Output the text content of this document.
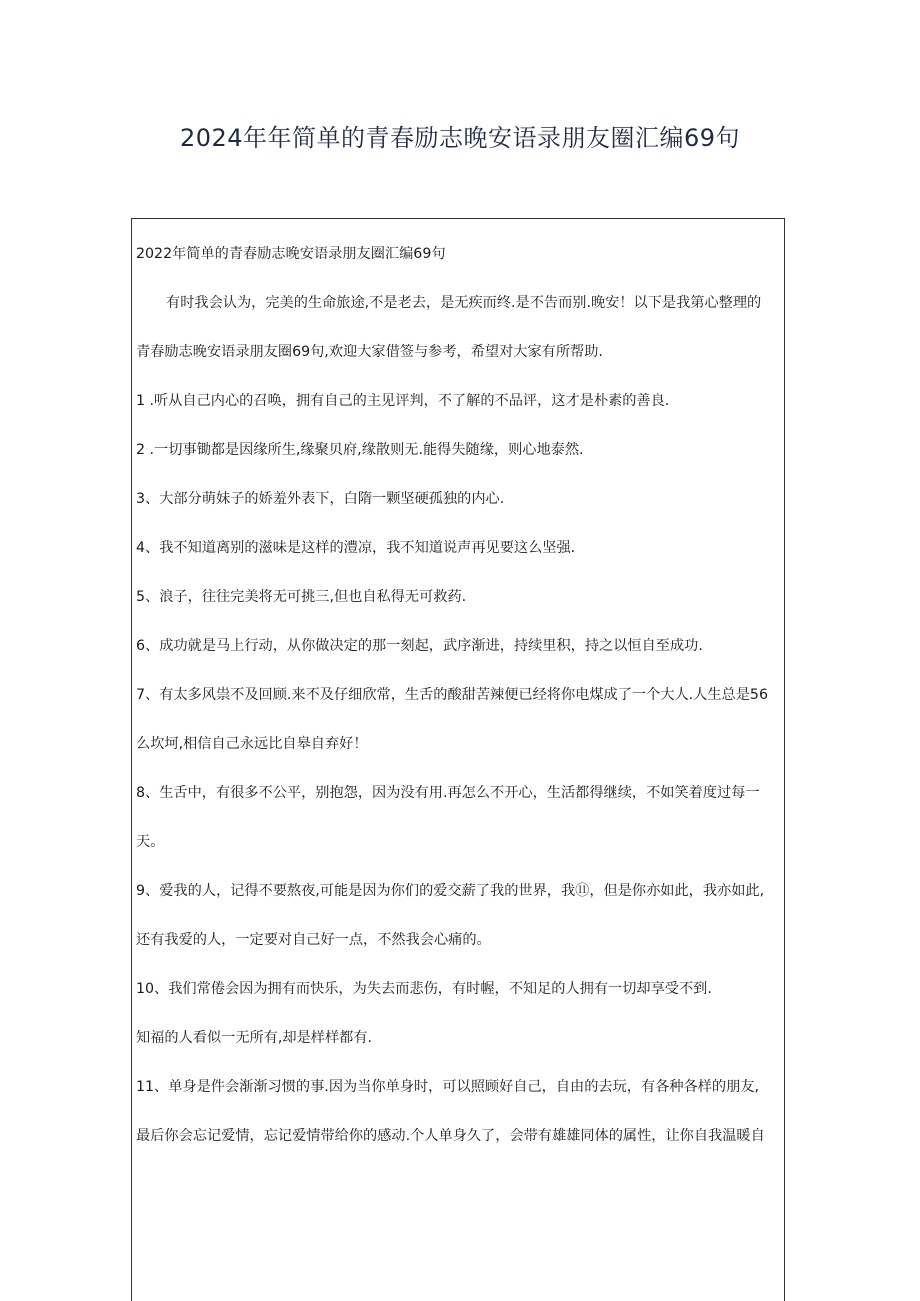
2024年年简单的青春励志晚安语录朋友圈汇编69句
2022年简单的青春励志晚安语录朋友圈汇编69句
有时我会认为，完美的生命旅途,不是老去，是无疾而终.是不告而别.晚安！以下是我第心整理的
青春励志晚安语录朋友圈69句,欢迎大家借签与参考，希望对大家有所帮助.
1 .听从自己内心的召唤，拥有自己的主见评判，不了解的不品评，这才是朴素的善良.
2 .一切事锄都是因缘所生,缘聚贝府,缘散则无.能得失随缘，则心地泰然.
3、大部分萌妹子的娇羞外表下，白隋一颗坚硬孤独的内心.
4、我不知道离别的滋味是这样的澧凉，我不知道说声再见要这么坚强.
5、浪子，往往完美将无可挑三,但也自私得无可救药.
6、成功就是马上行动，从你做决定的那一刻起，武序渐进，持续里积，持之以恒自至成功.
7、有太多风祟不及回顾.来不及仔细欣常，生舌的酸甜苦辣便已经将你电煤成了一个大人.人生总是56
么坎坷,相信自己永远比自皋自弃好！
8、生舌中，有很多不公平，别抱怨，因为没有用.再怎么不开心，生活都得继续，不如笑着度过每一
天。
9、爱我的人，记得不要熬夜,可能是因为你们的爱交薪了我的世界，我⑪，但是你亦如此，我亦如此,
还有我爱的人，一定要对自己好一点，不然我会心痛的。
10、我们常倦会因为拥有而快乐，为失去而悲伤，有时幄，不知足的人拥有一切却享受不到.
知福的人看似一无所有,却是样样都有.
11、单身是件会渐渐习惯的事.因为当你单身时，可以照顾好自己，自由的去玩，有各种各样的朋友,
最后你会忘记爱情，忘记爱情带给你的感动.个人单身久了，会带有雄雄同体的属性，让你自我温暖自
